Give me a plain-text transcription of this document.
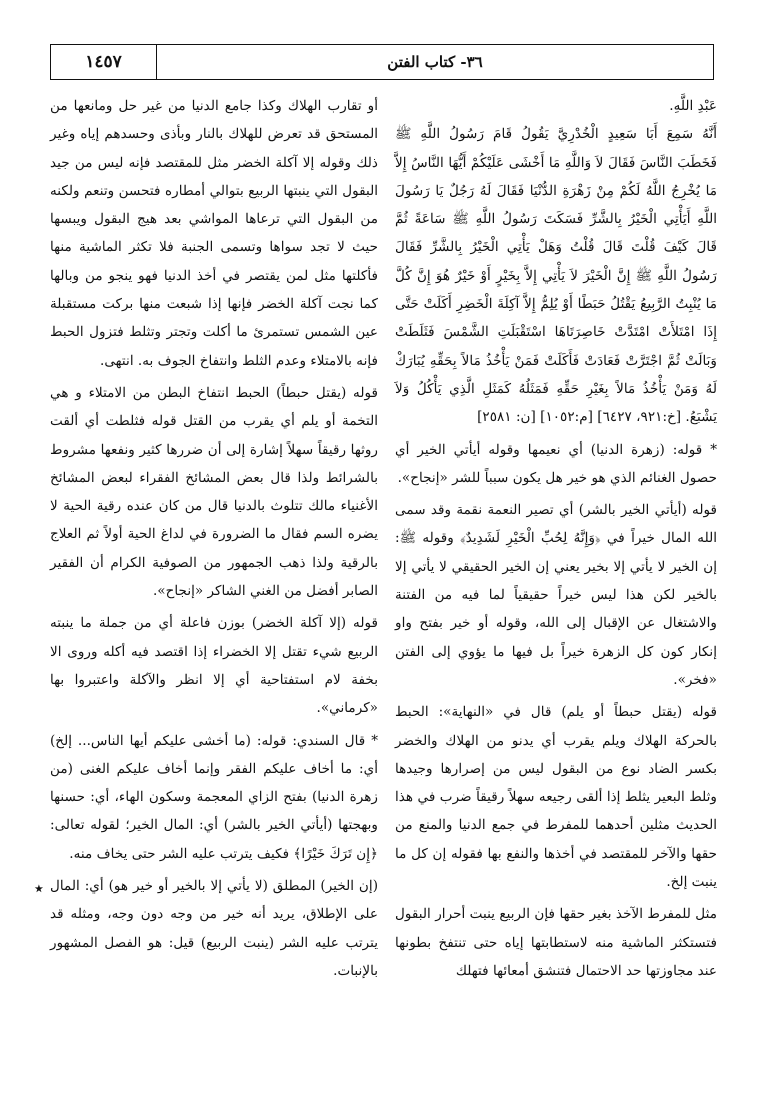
٣٦- كتاب الفتن
١٤٥٧

عَبْدِ اللَّهِ.

أَنَّهُ سَمِعَ أَبَا سَعِيدٍ الْخُدْرِيَّ يَقُولُ قَامَ رَسُولُ اللَّهِ ﷺ فَخَطَبَ النَّاسَ فَقَالَ لاَ وَاللَّهِ مَا أَخْشَى عَلَيْكُمْ أَيُّهَا النَّاسُ إِلاَّ مَا يُخْرِجُ اللَّهُ لَكُمْ مِنْ زَهْرَةِ الدُّنْيَا فَقَالَ لَهُ رَجُلٌ يَا رَسُولَ اللَّهِ أَيَأْتِي الْخَيْرُ بِالشَّرِّ فَسَكَتَ رَسُولُ اللَّهِ ﷺ سَاعَةً ثُمَّ قَالَ كَيْفَ قُلْتَ قَالَ قُلْتُ وَهَلْ يَأْتِي الْخَيْرُ بِالشَّرِّ فَقَالَ رَسُولُ اللَّهِ ﷺ إِنَّ الْخَيْرَ لاَ يَأْتِي إِلاَّ بِخَيْرٍ أَوْ خَيْرٌ هُوَ إِنَّ كُلَّ مَا يُنْبِتُ الرَّبِيعُ يَقْتُلُ حَبَطًا أَوْ يُلِمُّ إِلاَّ آكِلَةَ الْخَضِرِ أَكَلَتْ حَتَّى إِذَا امْتَلأَتْ امْتَدَّتْ خَاصِرَتَاهَا اسْتَقْبَلَتِ الشَّمْسَ فَثَلَطَتْ وَبَالَتْ ثُمَّ اجْتَرَّتْ فَعَادَتْ فَأَكَلَتْ فَمَنْ يَأْخُذُ مَالاً بِحَقِّهِ يُبَارَكْ لَهُ وَمَنْ يَأْخُذُ مَالاً بِغَيْرِ حَقِّهِ فَمَثَلُهُ كَمَثَلِ الَّذِي يَأْكُلُ وَلاَ يَشْبَعُ. [خ:٩٢١، ٦٤٢٧] [م:١٠٥٢] [ن: ٢٥٨١]

* قوله: (زهرة الدنيا) أي نعيمها وقوله أيأتي الخير أي حصول الغنائم الذي هو خير هل يكون سبباً للشر «إنجاح».

قوله (أيأتي الخير بالشر) أي تصير النعمة نقمة وقد سمى الله المال خيراً في ﴿وَإِنَّهُ لِحُبِّ الْخَيْرِ لَشَدِيدٌ﴾ وقوله ﷺ: إن الخير لا يأتي إلا بخير يعني إن الخير الحقيقي لا يأتي إلا بالخير لكن هذا ليس خيراً حقيقياً لما فيه من الفتنة والاشتغال عن الإقبال إلى الله، وقوله أو خير بفتح واو إنكار كون كل الزهرة خيراً بل فيها ما يؤوي إلى الفتن «فخر».

قوله (يقتل حبطاً أو يلم) قال في «النهاية»: الحبط بالحركة الهلاك ويلم يقرب أي يدنو من الهلاك والخضر بكسر الضاد نوع من البقول ليس من إصرارها وجيدها وثلط البعير يثلط إذا ألقى رجيعه سهلاً رقيقاً ضرب في هذا الحديث مثلين أحدهما للمفرط في جمع الدنيا والمنع من حقها والآخر للمقتصد في أخذها والنفع بها فقوله إن كل ما ينبت إلخ.

مثل للمفرط الآخذ بغير حقها فإن الربيع ينبت أحرار البقول فتستكثر الماشية منه لاستطابتها إياه حتى تنتفخ بطونها عند مجاوزتها حد الاحتمال فتنشق أمعائها فتهلك

أو تقارب الهلاك وكذا جامع الدنيا من غير حل ومانعها من المستحق قد تعرض للهلاك بالنار وبأذى وحسدهم إياه وغير ذلك وقوله إلا آكلة الخضر مثل للمقتصد فإنه ليس من جيد البقول التي ينبتها الربيع بتوالي أمطاره فتحسن وتنعم ولكنه من البقول التي ترعاها المواشي بعد هيج البقول ويبسها حيث لا تجد سواها وتسمى الجنبة فلا تكثر الماشية منها فأكلتها مثل لمن يقتصر في أخذ الدنيا فهو ينجو من وبالها كما نجت آكلة الخضر فإنها إذا شبعت منها بركت مستقبلة عين الشمس تستمرئ ما أكلت وتجتر وتثلط فتزول الحبط فإنه بالامتلاء وعدم الثلط وانتفاخ الجوف به. انتهى.

قوله (يقتل حبطاً) الحبط انتفاخ البطن من الامتلاء و هي التخمة أو يلم أي يقرب من القتل قوله فثلطت أي ألقت روثها رقيقاً سهلاً إشارة إلى أن ضررها كثير ونفعها مشروط بالشرائط ولذا قال بعض المشائخ الفقراء لبعض المشائخ الأغنياء مالك تتلوث بالدنيا قال من كان عنده رقية الحية لا يضره السم فقال ما الضرورة في لداغ الحية أولاً ثم العلاج بالرقية ولذا ذهب الجمهور من الصوفية الكرام أن الفقير الصابر أفضل من الغني الشاكر «إنجاح».

قوله (إلا آكلة الخضر) بوزن فاعلة أي من جملة ما ينبته الربيع شيء تقتل إلا الخضراء إذا اقتصد فيه أكله وروى الا بخفة لام استفتاحية أي إلا انظر والآكلة واعتبروا بها «كرماني».

* قال السندي: قوله: (ما أخشى عليكم أيها الناس... إلخ) أي: ما أخاف عليكم الفقر وإنما أخاف عليكم الغنى (من زهرة الدنيا) بفتح الزاي المعجمة وسكون الهاء، أي: حسنها وبهجتها (أيأتي الخير بالشر) أي: المال الخير؛ لقوله تعالى: ﴿إِن تَرَكَ خَيْرًا﴾ فكيف يترتب عليه الشر حتى يخاف منه.

(إن الخير) المطلق (لا يأتي إلا بالخير أو خير هو) أي: المال على الإطلاق، يريد أنه خير من وجه دون وجه، ومثله قد يترتب عليه الشر (ينبت الربيع) قيل: هو الفصل المشهور بالإنبات.

٭
